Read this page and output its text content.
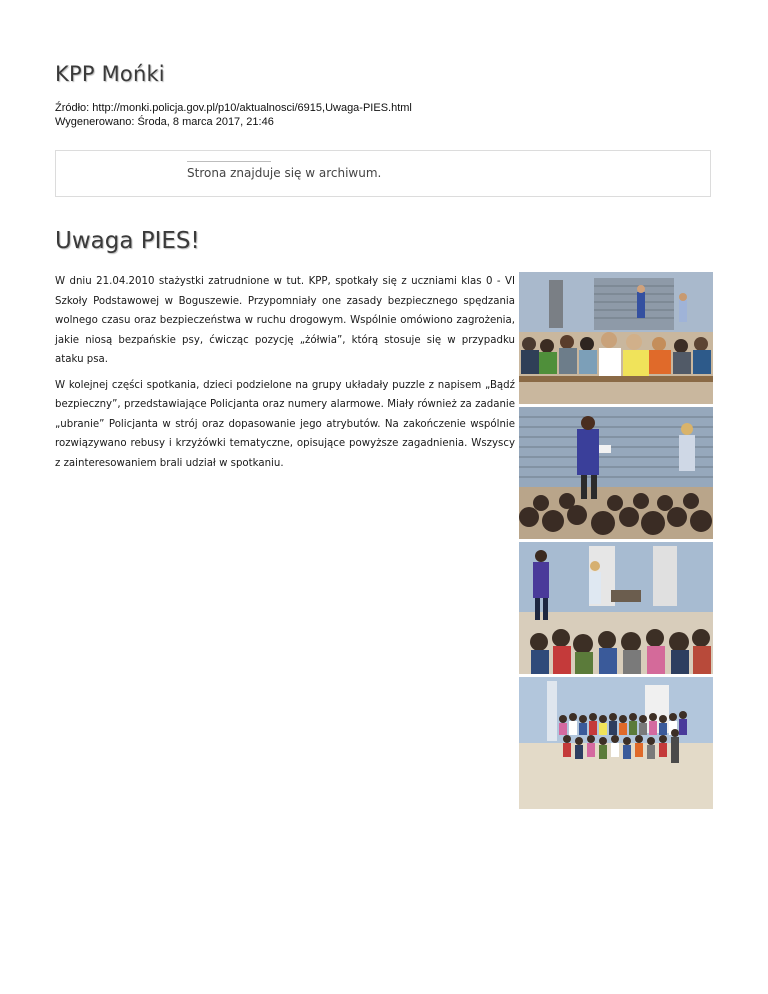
KPP Mońki
Źródło: http://monki.policja.gov.pl/p10/aktualnosci/6915,Uwaga-PIES.html
Wygenerowano: Środa, 8 marca 2017, 21:46
Strona znajduje się w archiwum.
Uwaga PIES!

W dniu 21.04.2010 stażystki zatrudnione w tut. KPP, spotkały się z uczniami klas 0 - VI Szkoły Podstawowej w Boguszewie. Przypomniały one zasady bezpiecznego spędzania wolnego czasu oraz bezpieczeństwa w ruchu drogowym. Wspólnie omówiono zagrożenia, jakie niosą bezpańskie psy, ćwicząc pozycję „żółwia”, którą stosuje się w przypadku ataku psa.

W kolejnej części spotkania, dzieci podzielone na grupy układały puzzle z napisem „Bądź bezpieczny”, przedstawiające Policjanta oraz numery alarmowe. Miały również za zadanie „ubranie” Policjanta w strój oraz dopasowanie jego atrybutów. Na zakończenie wspólnie rozwiązywano rebusy i krzyżówki tematyczne, opisujące powyższe zagadnienia. Wszyscy z zainteresowaniem brali udział w spotkaniu.
